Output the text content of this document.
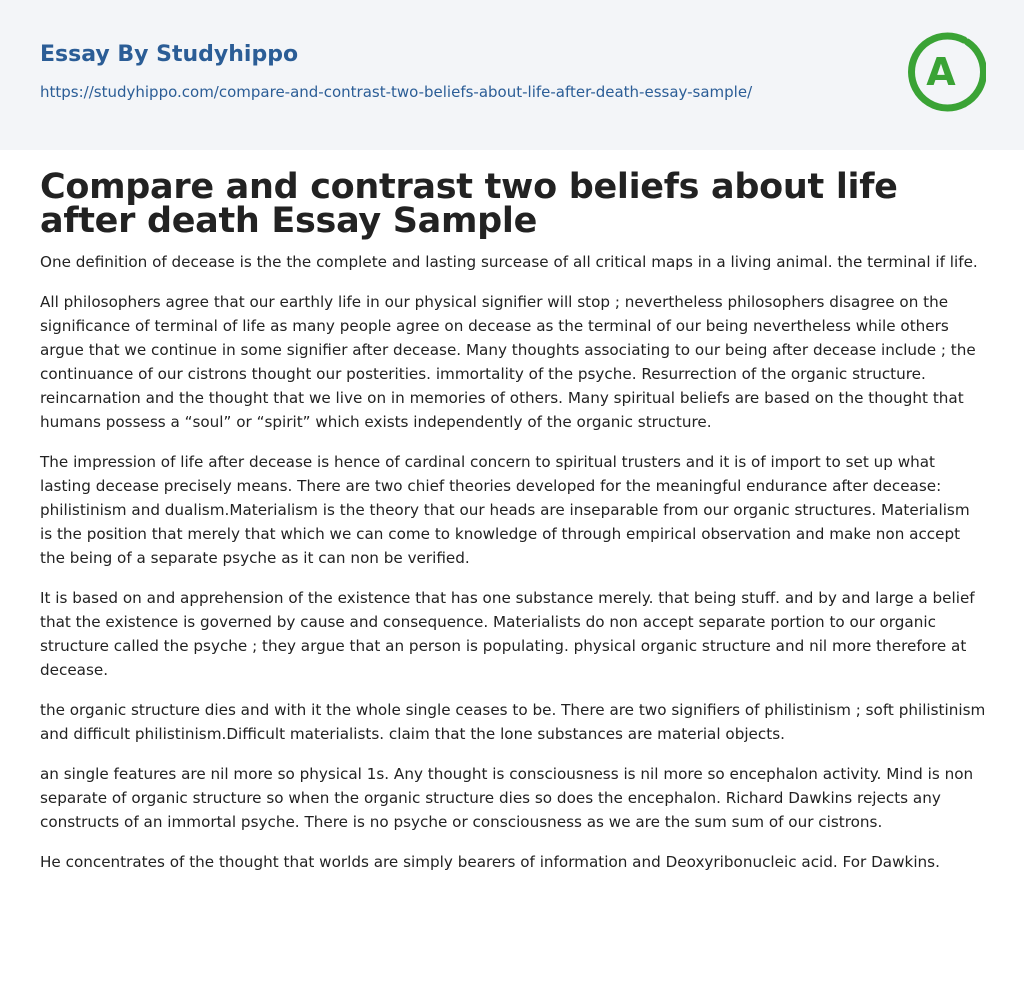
Essay By Studyhippo
https://studyhippo.com/compare-and-contrast-two-beliefs-about-life-after-death-essay-sample/	A
Compare and contrast two beliefs about life after death Essay Sample

One definition of decease is the the complete and lasting surcease of all critical maps in a living animal. the terminal if life.

All philosophers agree that our earthly life in our physical signifier will stop ; nevertheless philosophers disagree on the significance of terminal of life as many people agree on decease as the terminal of our being nevertheless while others argue that we continue in some signifier after decease. Many thoughts associating to our being after decease include ; the continuance of our cistrons thought our posterities. immortality of the psyche. Resurrection of the organic structure. reincarnation and the thought that we live on in memories of others. Many spiritual beliefs are based on the thought that humans possess a “soul” or “spirit” which exists independently of the organic structure.

The impression of life after decease is hence of cardinal concern to spiritual trusters and it is of import to set up what lasting decease precisely means. There are two chief theories developed for the meaningful endurance after decease: philistinism and dualism.Materialism is the theory that our heads are inseparable from our organic structures. Materialism is the position that merely that which we can come to knowledge of through empirical observation and make non accept the being of a separate psyche as it can non be verified.

It is based on and apprehension of the existence that has one substance merely. that being stuff. and by and large a belief that the existence is governed by cause and consequence. Materialists do non accept separate portion to our organic structure called the psyche ; they argue that an person is populating. physical organic structure and nil more therefore at decease.

the organic structure dies and with it the whole single ceases to be. There are two signifiers of philistinism ; soft philistinism and difficult philistinism.Difficult materialists. claim that the lone substances are material objects.

an single features are nil more so physical 1s. Any thought is consciousness is nil more so encephalon activity. Mind is non separate of organic structure so when the organic structure dies so does the encephalon. Richard Dawkins rejects any constructs of an immortal psyche. There is no psyche or consciousness as we are the sum sum of our cistrons.

He concentrates of the thought that worlds are simply bearers of information and Deoxyribonucleic acid. For Dawkins.
